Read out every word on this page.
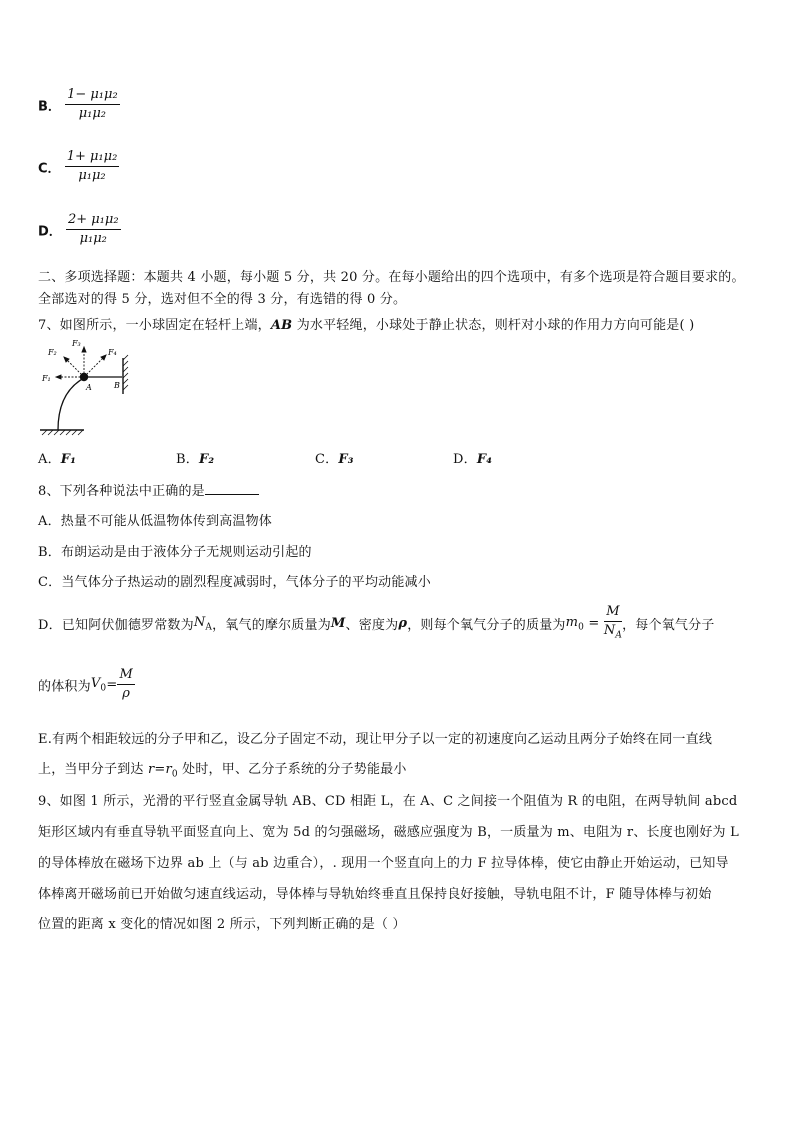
B． $\frac{\text{1− μ₁μ₂}}{\text{μ₁μ₂}}$
C． $\frac{\text{1+ μ₁μ₂}}{\text{μ₁μ₂}}$
D． $\frac{\text{2+ μ₁μ₂}}{\text{μ₁μ₂}}$
二、多项选择题：本题共 4 小题，每小题 5 分，共 20 分。在每小题给出的四个选项中，有多个选项是符合题目要求的。
全部选对的得 5 分，选对但不全的得 3 分，有选错的得 0 分。
7、如图所示，一小球固定在轻杆上端，AB 为水平轻绳，小球处于静止状态，则杆对小球的作用力方向可能是( )
F₁
F₂
F₃
F₄
A	B
A．F₁	B．F₂	C．F₃	D．F₄
8、下列各种说法中正确的是
A．热量不可能从低温物体传到高温物体
B．布朗运动是由于液体分子无规则运动引起的
C．当气体分子热运动的剧烈程度减弱时，气体分子的平均动能减小
D．已知阿伏伽德罗常数为$N_A$，氧气的摩尔质量为M、密度为ρ，则每个氧气分子的质量为$m_0 = \frac{M}{N_A}$ ，每个氧气分子
的体积为$V_0= \frac{M}{\rho}$
E.有两个相距较远的分子甲和乙，设乙分子固定不动，现让甲分子以一定的初速度向乙运动且两分子始终在同一直线
上，当甲分子到达 $r=r_0$ 处时，甲、乙分子系统的分子势能最小
9、如图 1 所示，光滑的平行竖直金属导轨 AB、CD 相距 L，在 A、C 之间接一个阻值为 R 的电阻，在两导轨间 abcd
矩形区域内有垂直导轨平面竖直向上、宽为 5d 的匀强磁场，磁感应强度为 B，一质量为 m、电阻为 r、长度也刚好为 L
的导体棒放在磁场下边界 ab 上（与 ab 边重合），. 现用一个竖直向上的力 F 拉导体棒，使它由静止开始运动，已知导
体棒离开磁场前已开始做匀速直线运动，导体棒与导轨始终垂直且保持良好接触，导轨电阻不计，F 随导体棒与初始
位置的距离 x 变化的情况如图 2 所示，下列判断正确的是（ ）
